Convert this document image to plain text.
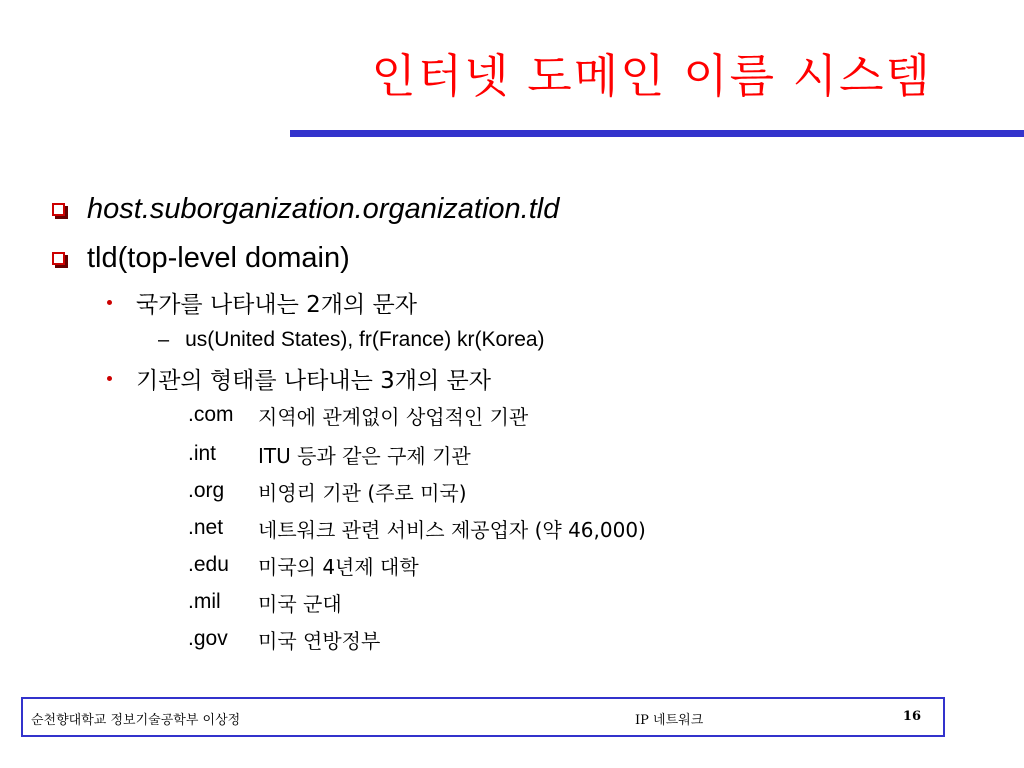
인터넷 도메인 이름 시스템
host.suborganization.organization.tld
tld(top-level domain)
국가를 나타내는 2개의 문자
– us(United States), fr(France) kr(Korea)
기관의 형태를 나타내는 3개의 문자
.com	지역에 관계없이 상업적인 기관
.int	ITU 등과 같은 구제 기관
.org	비영리 기관 (주로 미국)
.net	네트워크 관련 서비스 제공업자 (약 46,000)
.edu	미국의 4년제 대학
.mil	미국 군대
.gov	미국 연방정부
순천향대학교 정보기술공학부 이상정	IP 네트워크	16
